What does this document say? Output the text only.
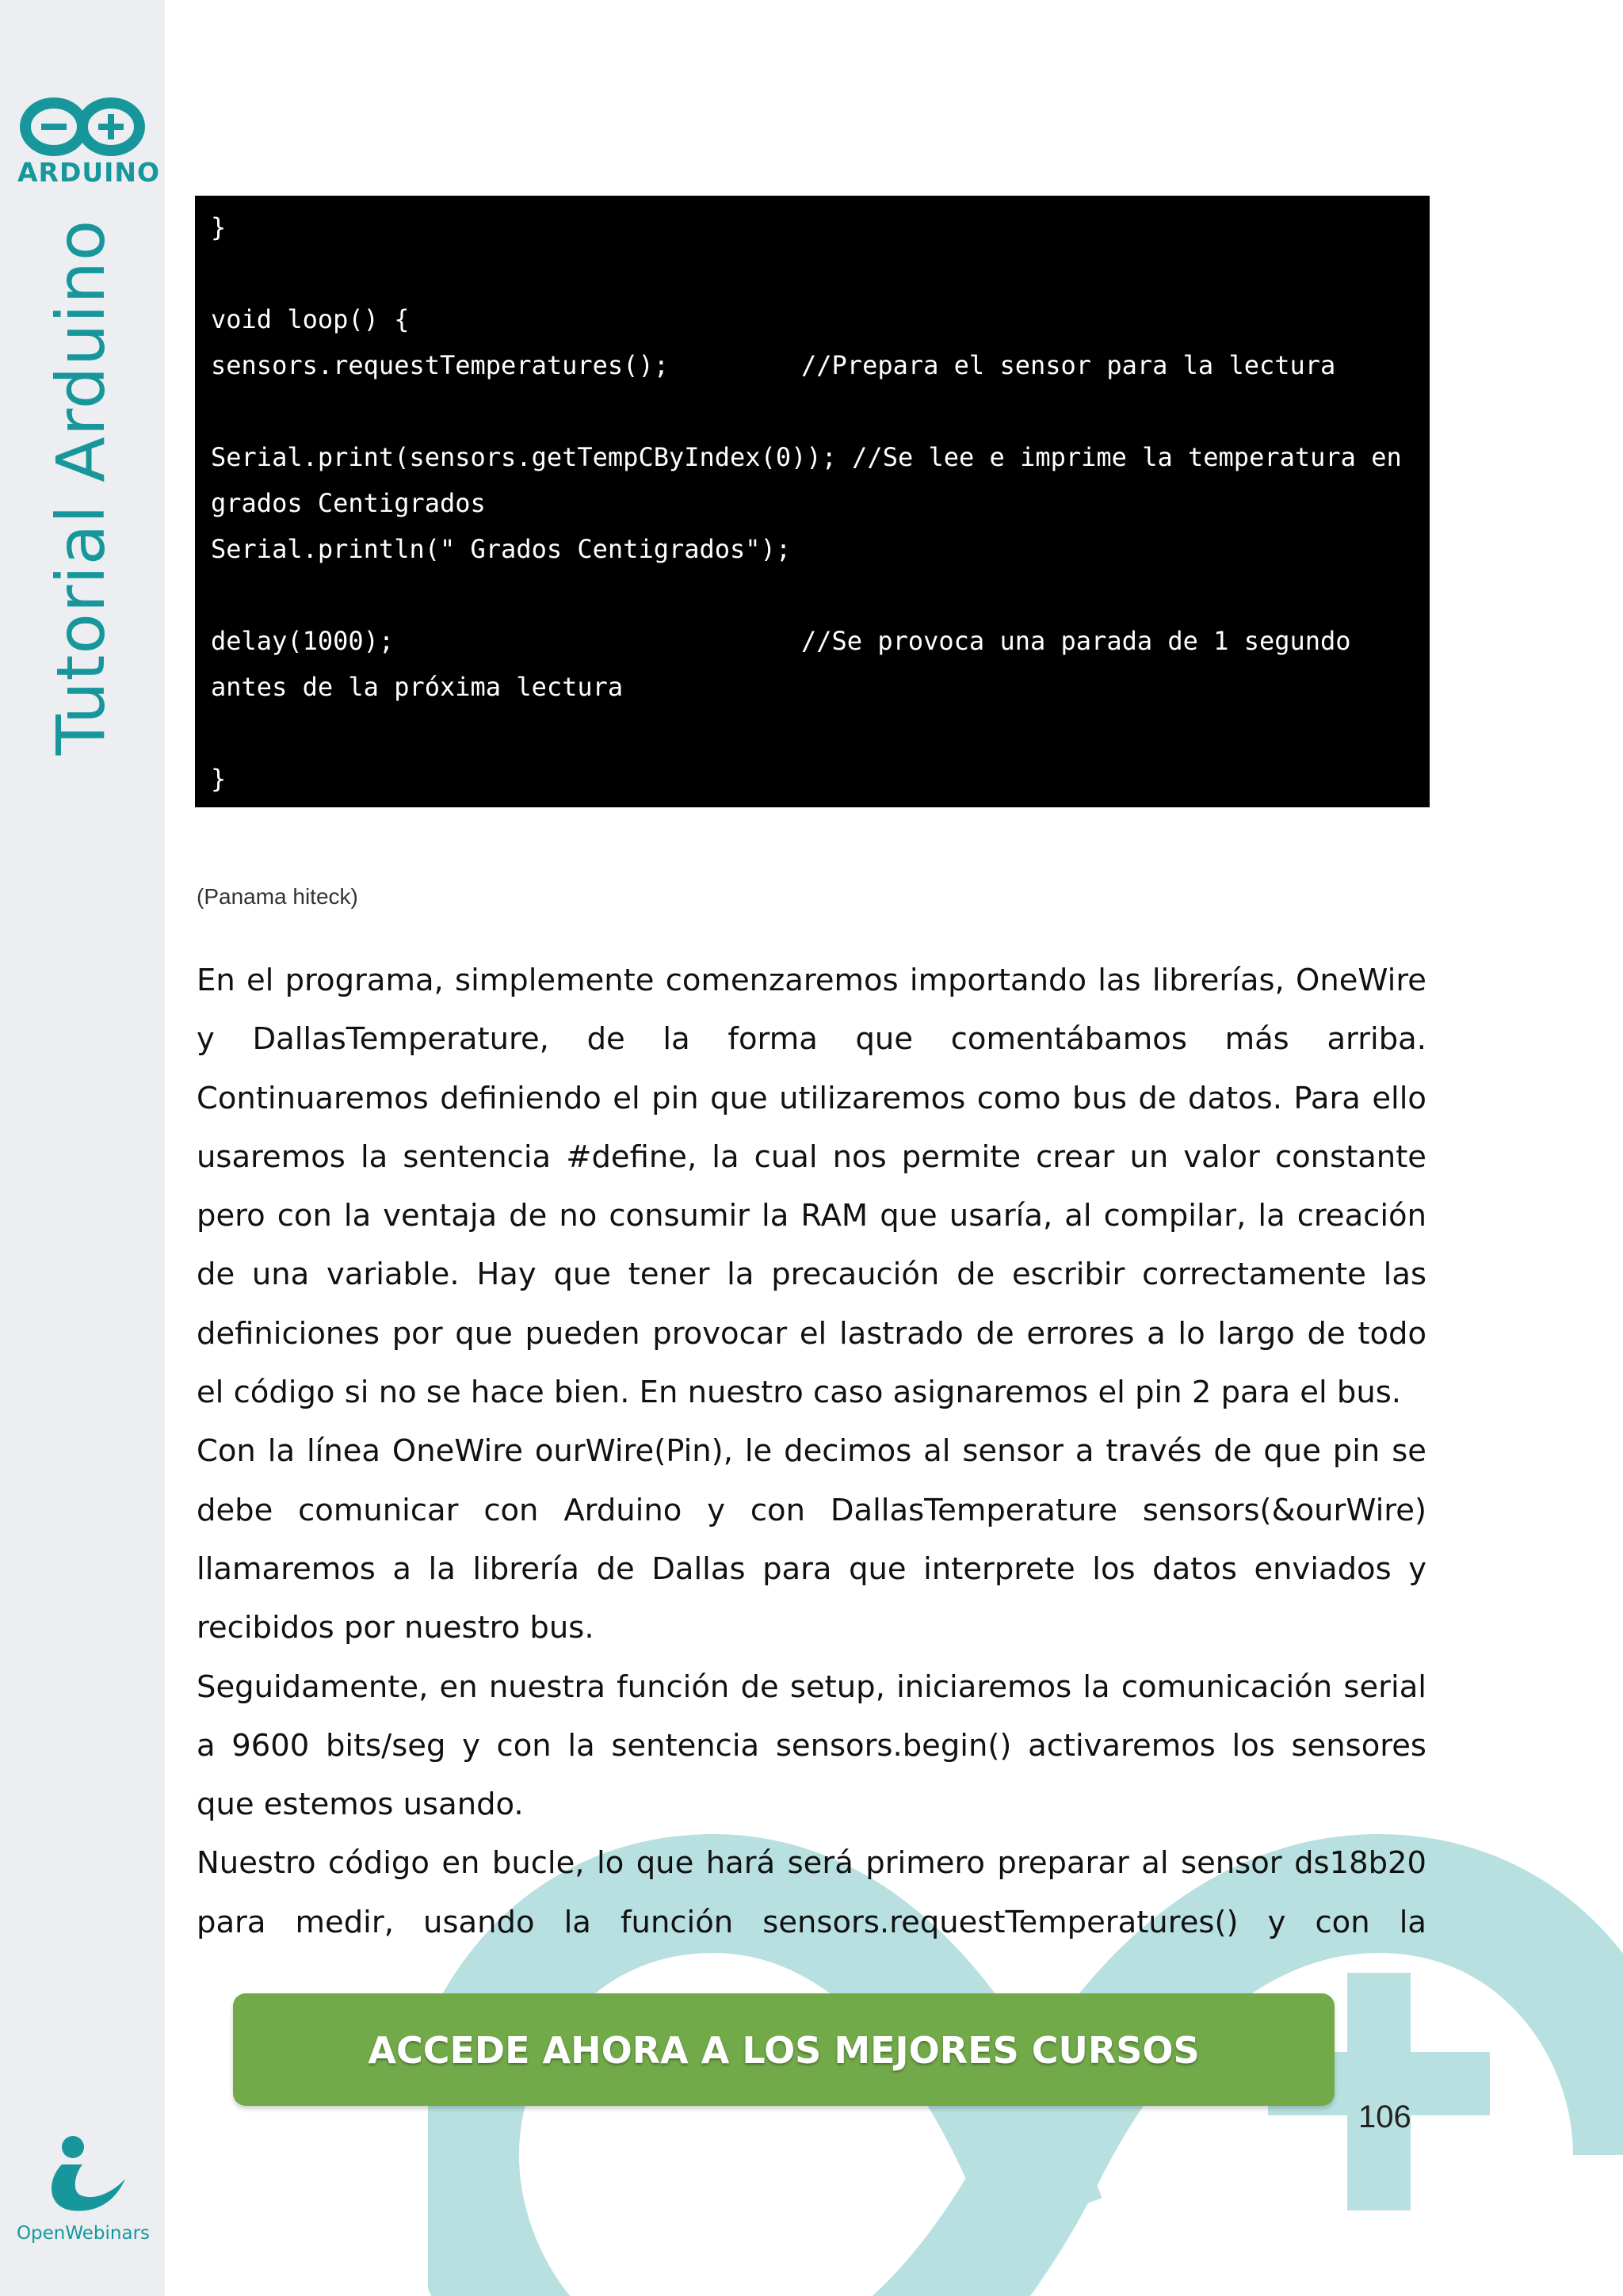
ARDUINO
Tutorial Arduino
OpenWebinars
}
void loop() {
sensors.requestTemperatures();	//Prepara el sensor para la lectura
Serial.print(sensors.getTempCByIndex(0)); //Se lee e imprime la temperatura en
grados Centigrados
Serial.println(" Grados Centigrados");
delay(1000);	//Se provoca una parada de 1 segundo
antes de la próxima lectura
}
(Panama hiteck)

En el programa, simplemente comenzaremos importando las librerías, OneWire y DallasTemperature, de la forma que comentábamos más arriba. Continuaremos definiendo el pin que utilizaremos como bus de datos. Para ello usaremos la sentencia #define, la cual nos permite crear un valor constante pero con la ventaja de no consumir la RAM que usaría, al compilar, la creación de una variable. Hay que tener la precaución de escribir correctamente las definiciones por que pueden provocar el lastrado de errores a lo largo de todo el código si no se hace bien. En nuestro caso asignaremos el pin 2 para el bus.

Con la línea OneWire ourWire(Pin), le decimos al sensor a través de que pin se debe comunicar con Arduino y con DallasTemperature sensors(&ourWire) llamaremos a la librería de Dallas para que interprete los datos enviados y recibidos por nuestro bus.

Seguidamente, en nuestra función de setup, iniciaremos la comunicación serial a 9600 bits/seg y con la sentencia sensors.begin() activaremos los sensores que estemos usando.

Nuestro código en bucle, lo que hará será primero preparar al sensor ds18b20 para medir, usando la función sensors.requestTemperatures() y con la

ACCEDE AHORA A LOS MEJORES CURSOS
106
